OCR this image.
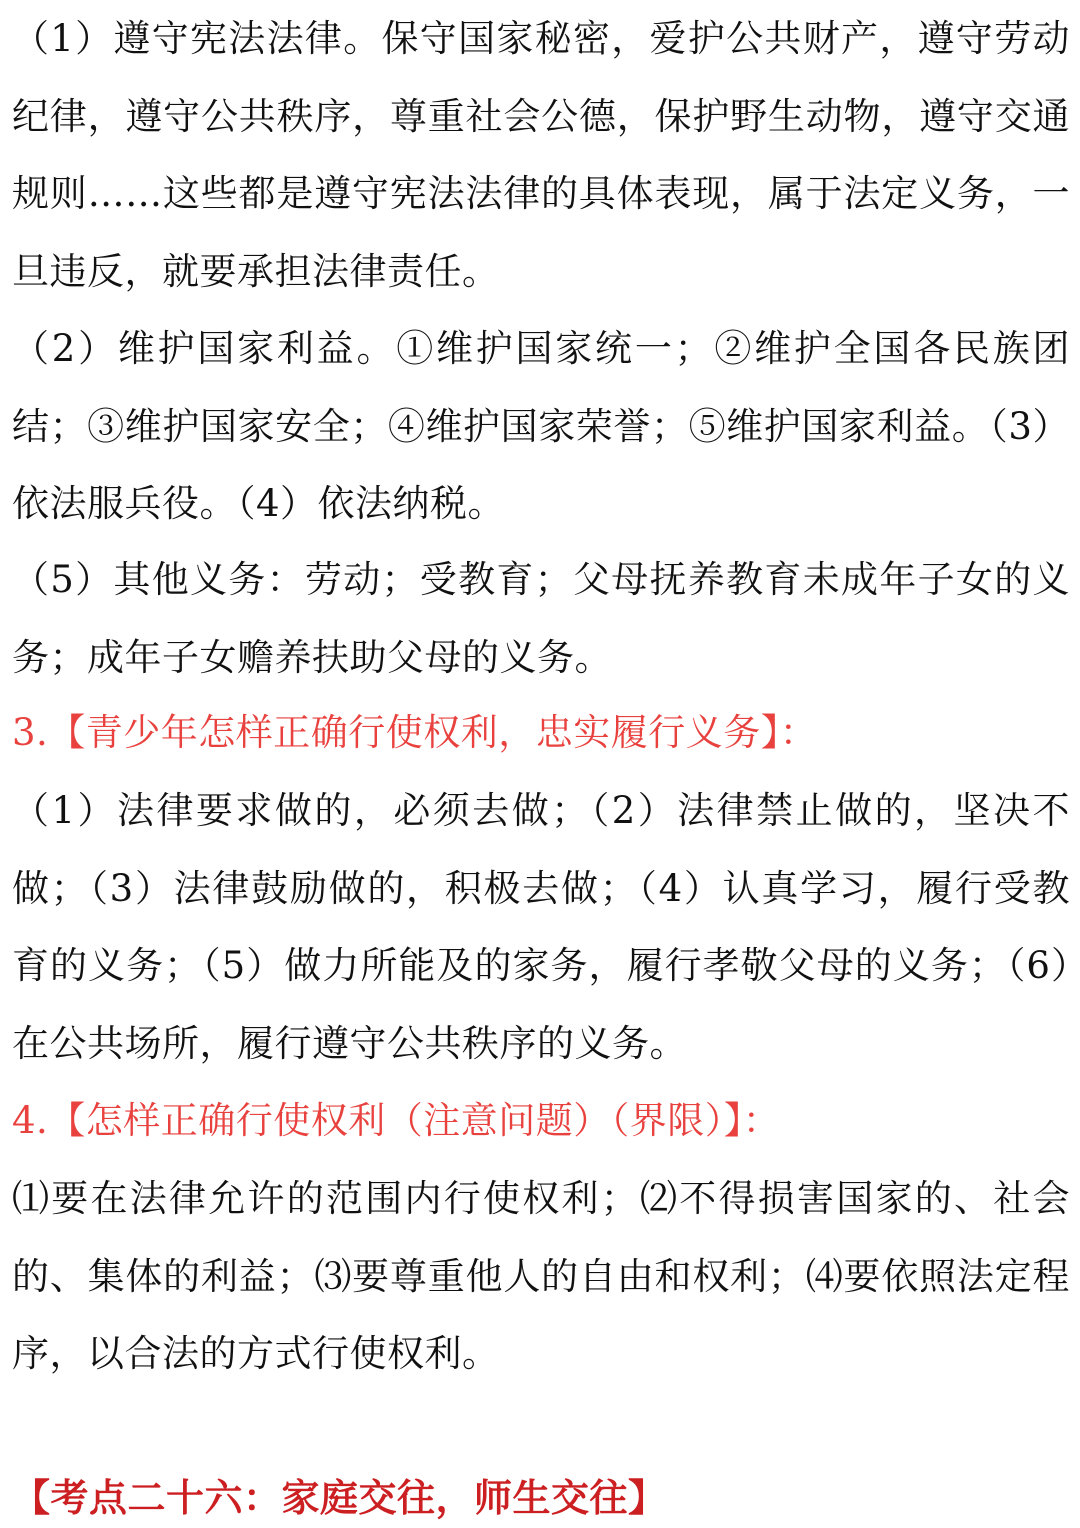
（1）遵守宪法法律。保守国家秘密，爱护公共财产，遵守劳动纪律，遵守公共秩序，尊重社会公德，保护野生动物，遵守交通规则……这些都是遵守宪法法律的具体表现，属于法定义务，一旦违反，就要承担法律责任。

（2）维护国家利益。①维护国家统一；②维护全国各民族团结；③维护国家安全；④维护国家荣誉；⑤维护国家利益。（3）依法服兵役。（4）依法纳税。

（5）其他义务：劳动；受教育；父母抚养教育未成年子女的义务；成年子女赡养扶助父母的义务。

3.【青少年怎样正确行使权利，忠实履行义务】：

（1）法律要求做的，必须去做；（2）法律禁止做的，坚决不做；（3）法律鼓励做的，积极去做；（4）认真学习，履行受教育的义务；（5）做力所能及的家务，履行孝敬父母的义务；（6）在公共场所，履行遵守公共秩序的义务。

4.【怎样正确行使权利（注意问题）（界限）】：

⑴要在法律允许的范围内行使权利；⑵不得损害国家的、社会的、集体的利益；⑶要尊重他人的自由和权利；⑷要依照法定程序，以合法的方式行使权利。

【考点二十六：家庭交往，师生交往】
